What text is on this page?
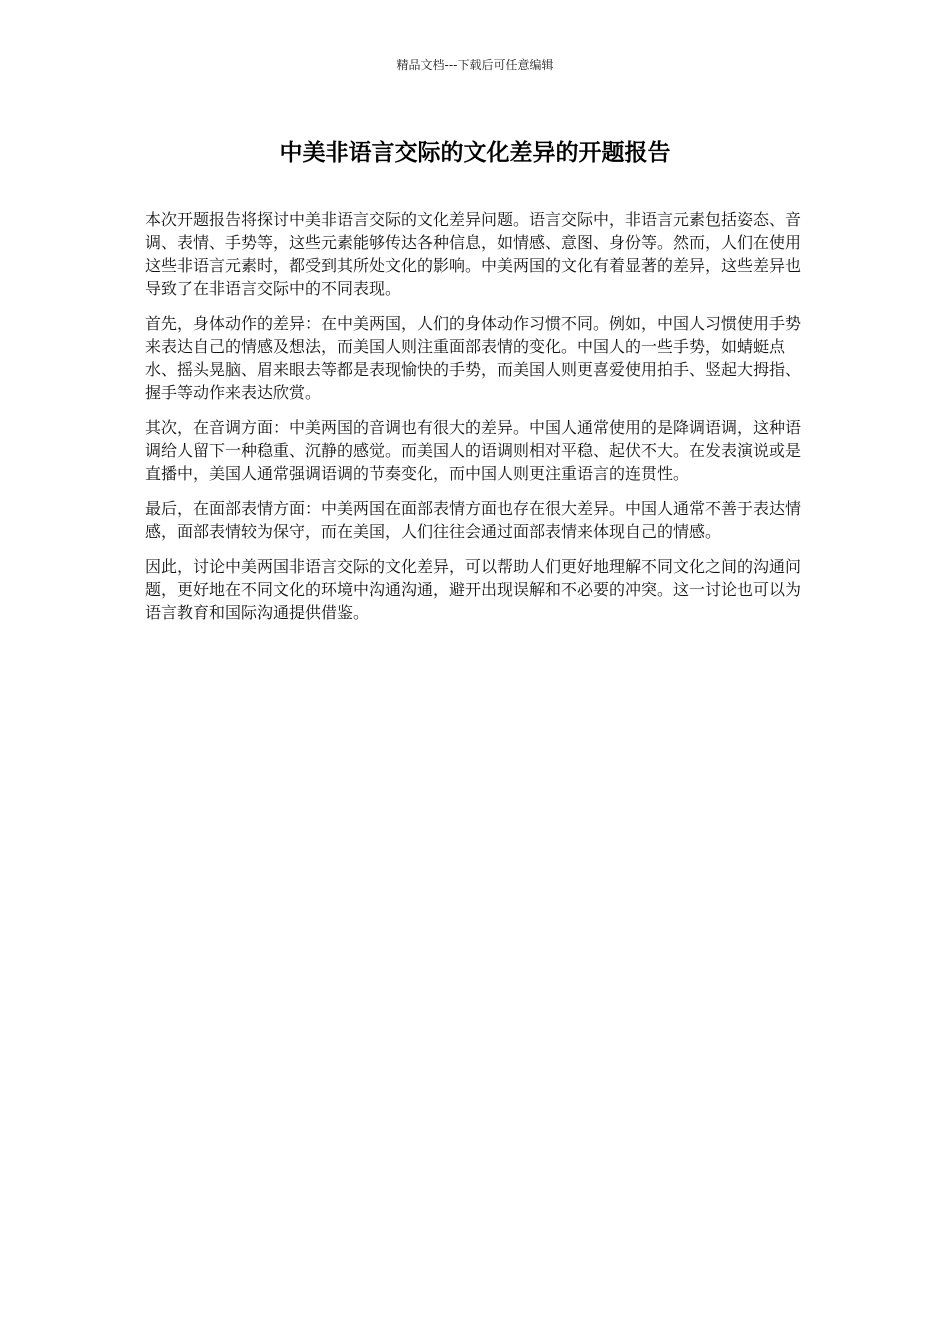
精品文档---下载后可任意编辑
中美非语言交际的文化差异的开题报告

本次开题报告将探讨中美非语言交际的文化差异问题。语言交际中，非语言元素包括姿态、音调、表情、手势等，这些元素能够传达各种信息，如情感、意图、身份等。然而，人们在使用这些非语言元素时，都受到其所处文化的影响。中美两国的文化有着显著的差异，这些差异也导致了在非语言交际中的不同表现。

首先，身体动作的差异：在中美两国，人们的身体动作习惯不同。例如，中国人习惯使用手势来表达自己的情感及想法，而美国人则注重面部表情的变化。中国人的一些手势，如蜻蜓点水、摇头晃脑、眉来眼去等都是表现愉快的手势，而美国人则更喜爱使用拍手、竖起大拇指、握手等动作来表达欣赏。

其次，在音调方面：中美两国的音调也有很大的差异。中国人通常使用的是降调语调，这种语调给人留下一种稳重、沉静的感觉。而美国人的语调则相对平稳、起伏不大。在发表演说或是直播中，美国人通常强调语调的节奏变化，而中国人则更注重语言的连贯性。

最后，在面部表情方面：中美两国在面部表情方面也存在很大差异。中国人通常不善于表达情感，面部表情较为保守，而在美国，人们往往会通过面部表情来体现自己的情感。

因此，讨论中美两国非语言交际的文化差异，可以帮助人们更好地理解不同文化之间的沟通问题，更好地在不同文化的环境中沟通沟通，避开出现误解和不必要的冲突。这一讨论也可以为语言教育和国际沟通提供借鉴。
